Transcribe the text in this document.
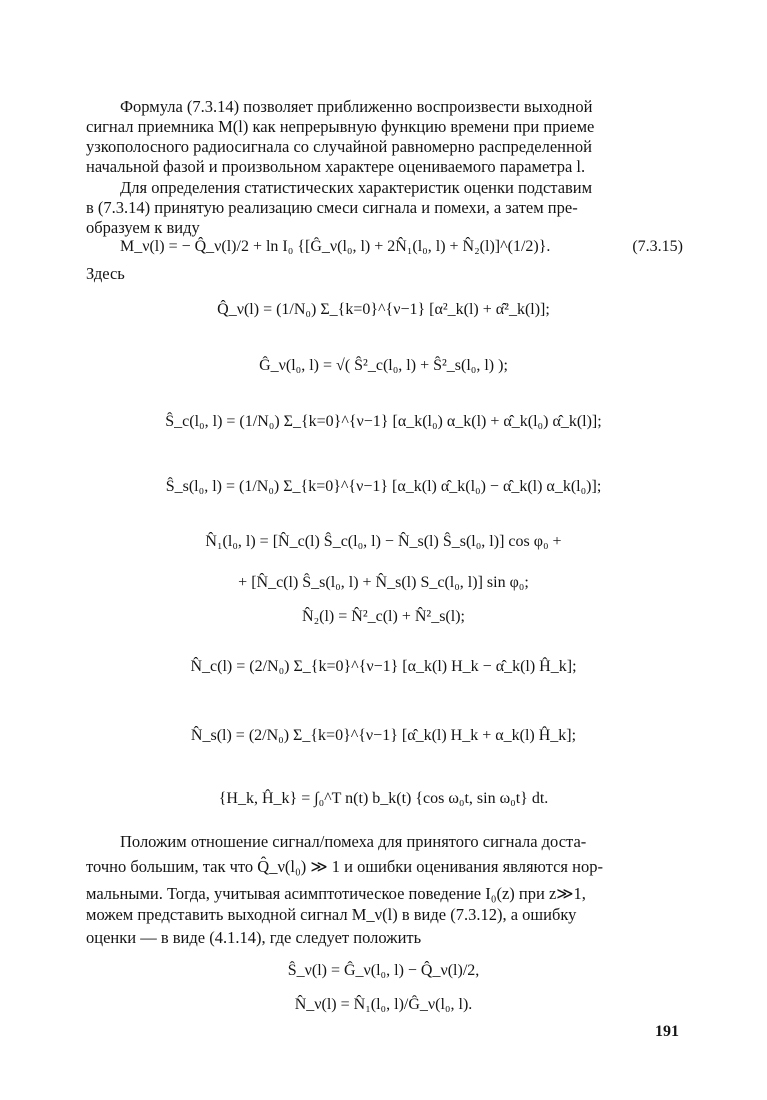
Формула (7.3.14) позволяет приближенно воспроизвести выходной

сигнал приемника M(l) как непрерывную функцию времени при приеме

узкополосного радиосигнала со случайной равномерно распределенной

начальной фазой и произвольном характере оцениваемого параметра l.

Для определения статистических характеристик оценки подставим

в (7.3.14) принятую реализацию смеси сигнала и помехи, а затем пре-

образуем к виду

M_ν(l) = − Q̂_ν(l)/2 + ln I₀ {[Ĝ_ν(l₀, l) + 2N̂₁(l₀, l) + N̂₂(l)]^(1/2)}.	(7.3.15)

Здесь

Q̂_ν(l) = (1/N₀) Σ_{k=0}^{ν−1} [α²_k(l) + α̂²_k(l)];
Ĝ_ν(l₀, l) = √( Ŝ²_c(l₀, l) + Ŝ²_s(l₀, l) );
Ŝ_c(l₀, l) = (1/N₀) Σ_{k=0}^{ν−1} [α_k(l₀) α_k(l) + α̂_k(l₀) α̂_k(l)];
Ŝ_s(l₀, l) = (1/N₀) Σ_{k=0}^{ν−1} [α_k(l) α̂_k(l₀) − α̂_k(l) α_k(l₀)];
N̂₁(l₀, l) = [N̂_c(l) Ŝ_c(l₀, l) − N̂_s(l) Ŝ_s(l₀, l)] cos φ₀ +
+ [N̂_c(l) Ŝ_s(l₀, l) + N̂_s(l) S_c(l₀, l)] sin φ₀;
N̂₂(l) = N̂²_c(l) + N̂²_s(l);
N̂_c(l) = (2/N₀) Σ_{k=0}^{ν−1} [α_k(l) H_k − α̂_k(l) Ĥ_k];
N̂_s(l) = (2/N₀) Σ_{k=0}^{ν−1} [α̂_k(l) H_k + α_k(l) Ĥ_k];
{H_k, Ĥ_k} = ∫₀^T n(t) b_k(t) {cos ω₀t, sin ω₀t} dt.

Положим отношение сигнал/помеха для принятого сигнала доста-

точно большим, так что Q̂_ν(l₀) ≫ 1 и ошибки оценивания являются нор-

мальными. Тогда, учитывая асимптотическое поведение I₀(z) при z≫1,

можем представить выходной сигнал M_ν(l) в виде (7.3.12), а ошибку

оценки — в виде (4.1.14), где следует положить

Ŝ_ν(l) = Ĝ_ν(l₀, l) − Q̂_ν(l)/2,
N̂_ν(l) = N̂₁(l₀, l)/Ĝ_ν(l₀, l).
191
